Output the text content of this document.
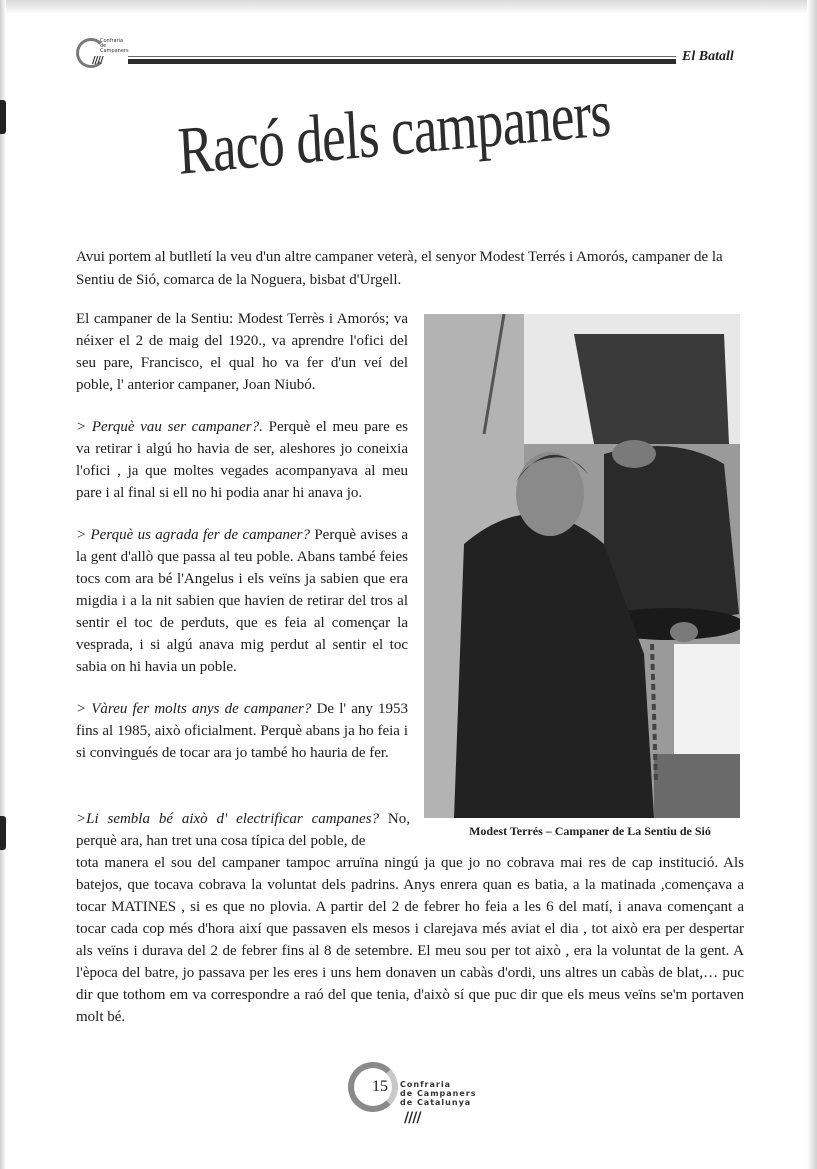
Confraria
de Campaners
////	El Batall
Racó dels campaners

Avui portem al butlletí la veu d'un altre campaner veterà, el senyor Modest Terrés i Amorós, campaner de la Sentiu de Sió, comarca de la Noguera, bisbat d'Urgell.

El campaner de la Sentiu: Modest Terrès i Amorós; va néixer el 2 de maig del 1920., va aprendre l'ofici del seu pare, Francisco, el qual ho va fer d'un veí del poble, l' anterior campaner, Joan Niubó.

> Perquè vau ser campaner?. Perquè el meu pare es va retirar i algú ho havia de ser, aleshores jo coneixia l'ofici , ja que moltes vegades acompanyava al meu pare i al final si ell no hi podia anar hi anava jo.

> Perquè us agrada fer de campaner? Perquè avises a la gent d'allò que passa al teu poble. Abans també feies tocs com ara bé l'Angelus i els veïns ja sabien que era migdia i a la nit sabien que havien de retirar del tros al sentir el toc de perduts, que es feia al començar la vesprada, i si algú anava mig perdut al sentir el toc sabia on hi havia un poble.

> Vàreu fer molts anys de campaner? De l' any 1953 fins al 1985, això oficialment. Perquè abans ja ho feia i si convingués de tocar ara jo també ho hauria de fer.

Modest Terrés – Campaner de La Sentiu de Sió

>Li sembla bé això d' electrificar campanes? No, perquè ara, han tret una cosa típica del poble, de

tota manera el sou del campaner tampoc arruïna ningú ja que jo no cobrava mai res de cap institució. Als batejos, que tocava cobrava la voluntat dels padrins. Anys enrera quan es batia, a la matinada ,començava a tocar MATINES , si es que no plovia. A partir del 2 de febrer ho feia a les 6 del matí, i anava començant a tocar cada cop més d'hora així que passaven els mesos i clarejava més aviat el dia , tot això era per despertar als veïns i durava del 2 de febrer fins al 8 de setembre. El meu sou per tot això , era la voluntat de la gent. A l'època del batre, jo passava per les eres i uns hem donaven un cabàs d'ordi, uns altres un cabàs de blat,… puc dir que tothom em va correspondre a raó del que tenia, d'això sí que puc dir que els meus veïns se'm portaven molt bé.

15 Confraria
de Campaners
de Catalunya
////
